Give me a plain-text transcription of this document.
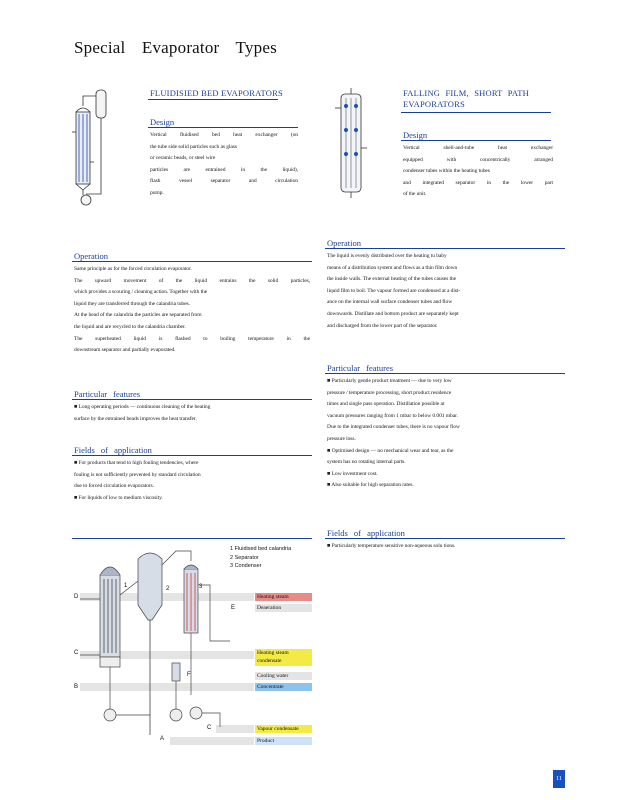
Special Evaporator Types
FLUIDISIED BED EVAPORATORS
Design

Vertical fluidised bed heat exchanger (on

the tube side solid particles such as glass

or ceramic beads, or steel wire

particles are entrained in the liquid),

flash vessel separator and circulation

pump.

FALLING FILM, SHORT PATH
EVAPORATORS
Design

Vertical shell-and-tube heat exchanger

equipped with concentrically arranged

condenser tubes within the heating tubes

and integrated separator in the lower part

of the unit.

Operation

Same principle as for the forced circulation evaporator.

The upward movement of the liquid entrains the solid particles,

which provides a scouring / cleaning action. Together with the

liquid they are transferred through the calandria tubes.

At the head of the calandria the particles are separated from

the liquid and are recycled to the calandria chamber.

The superheated liquid is flashed to boiling temperature in the

downstream separator and partially evaporated.

Particular features

■ Long operating periods — continuous cleaning of the heating

surface by the entrained beads improves the heat transfer.

Fields of application

■ For products that tend to high fouling tendencies, where

fouling is not sufficiently prevented by standard circulation

due to forced circulation evaporators.

■ For liquids of low to medium viscosity.

Operation

The liquid is evenly distributed over the heating tu baby

means of a distribution system and flows as a thin film down

the inside walls. The external heating of the tubes causes the

liquid film to boil. The vapour formed are condensed at a dist-

ance on the internal wall surface condenser tubes and flow

downwards. Distillate and bottom product are separately kept

and discharged from the lower part of the separator.

Particular features

■ Particularly gentle product treatment — due to very low

pressure / temperature processing, short product residence

times and single pass operation. Distillation possible at

vacuum pressures ranging from 1 mbar to below 0.001 mbar.

Due to the integrated condenser tubes, there is no vapour flow

pressure loss.

■ Optimised design — no mechanical wear and tear, as the

system has no rotating internal parts.

■ Low investment cost.

■ Also suitable for high separation rates.

Fields of application

■ Particularly temperature sensitive non-aqueous solu tions.

1 Fluidised bed calandria
2 Separator
3 Condenser
Heating steam
Deaeration
Heating steam condensate
Cooling water
Concentrate
Vapour condensate
Product
D
C
B
A
E
F
C
1	2	3
11
